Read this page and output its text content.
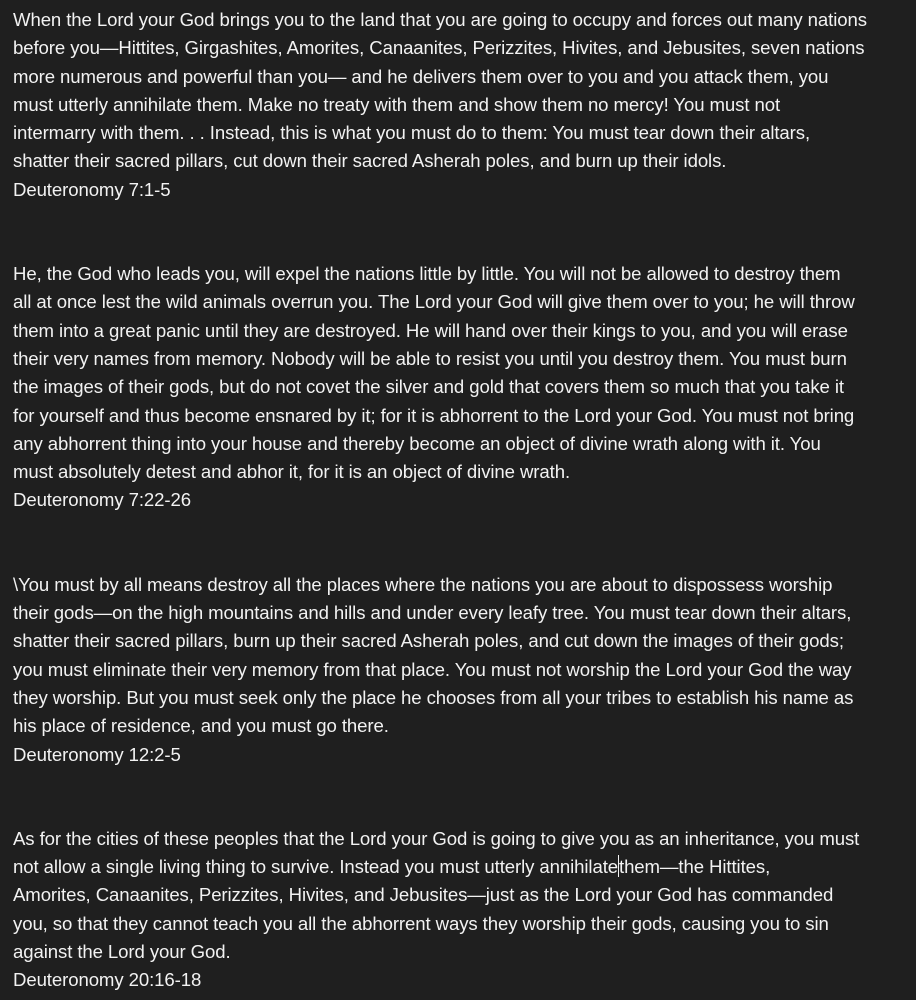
When the Lord your God brings you to the land that you are going to occupy and forces out many nations
before you—Hittites, Girgashites, Amorites, Canaanites, Perizzites, Hivites, and Jebusites, seven nations
more numerous and powerful than you— and he delivers them over to you and you attack them, you
must utterly annihilate them. Make no treaty with them and show them no mercy! You must not
intermarry with them. . . Instead, this is what you must do to them: You must tear down their altars,
shatter their sacred pillars, cut down their sacred Asherah poles, and burn up their idols.
Deuteronomy 7:1-5
He, the God who leads you, will expel the nations little by little. You will not be allowed to destroy them
all at once lest the wild animals overrun you. The Lord your God will give them over to you; he will throw
them into a great panic until they are destroyed. He will hand over their kings to you, and you will erase
their very names from memory. Nobody will be able to resist you until you destroy them. You must burn
the images of their gods, but do not covet the silver and gold that covers them so much that you take it
for yourself and thus become ensnared by it; for it is abhorrent to the Lord your God. You must not bring
any abhorrent thing into your house and thereby become an object of divine wrath along with it. You
must absolutely detest and abhor it, for it is an object of divine wrath.
Deuteronomy 7:22-26
\You must by all means destroy all the places where the nations you are about to dispossess worship
their gods—on the high mountains and hills and under every leafy tree. You must tear down their altars,
shatter their sacred pillars, burn up their sacred Asherah poles, and cut down the images of their gods;
you must eliminate their very memory from that place. You must not worship the Lord your God the way
they worship. But you must seek only the place he chooses from all your tribes to establish his name as
his place of residence, and you must go there.
Deuteronomy 12:2-5
As for the cities of these peoples that the Lord your God is going to give you as an inheritance, you must
not allow a single living thing to survive. Instead you must utterly annihilatethem—the Hittites,
Amorites, Canaanites, Perizzites, Hivites, and Jebusites—just as the Lord your God has commanded
you, so that they cannot teach you all the abhorrent ways they worship their gods, causing you to sin
against the Lord your God.
Deuteronomy 20:16-18
